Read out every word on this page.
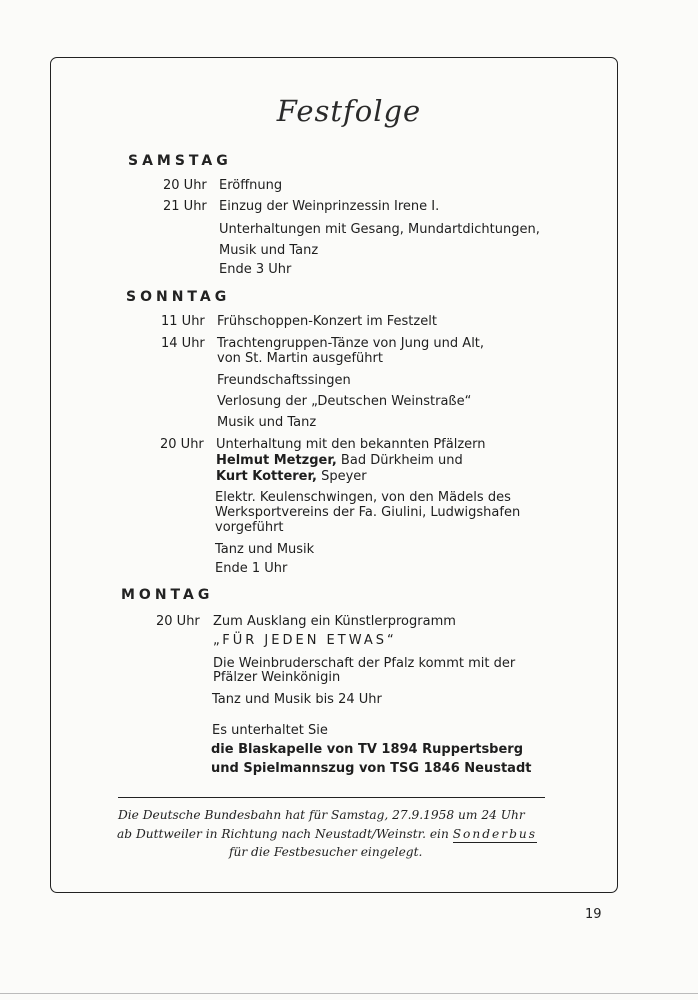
Festfolge
SAMSTAG
20 Uhr Eröffnung
21 Uhr Einzug der Weinprinzessin Irene I.
Unterhaltungen mit Gesang, Mundartdichtungen,
Musik und Tanz
Ende 3 Uhr
SONNTAG
11 Uhr Frühschoppen-Konzert im Festzelt
14 Uhr Trachtengruppen-Tänze von Jung und Alt,
von St. Martin ausgeführt
Freundschaftssingen
Verlosung der „Deutschen Weinstraße“
Musik und Tanz
20 Uhr Unterhaltung mit den bekannten Pfälzern
Helmut Metzger, Bad Dürkheim und
Kurt Kotterer, Speyer
Elektr. Keulenschwingen, von den Mädels des
Werksportvereins der Fa. Giulini, Ludwigshafen
vorgeführt
Tanz und Musik
Ende 1 Uhr
MONTAG
20 Uhr Zum Ausklang ein Künstlerprogramm
„FÜR JEDEN ETWAS“
Die Weinbruderschaft der Pfalz kommt mit der
Pfälzer Weinkönigin
Tanz und Musik bis 24 Uhr
Es unterhaltet Sie
die Blaskapelle von TV 1894 Ruppertsberg
und Spielmannszug von TSG 1846 Neustadt
Die Deutsche Bundesbahn hat für Samstag, 27.9.1958 um 24 Uhr
ab Duttweiler in Richtung nach Neustadt/Weinstr. ein Sonderbus
für die Festbesucher eingelegt.
19
